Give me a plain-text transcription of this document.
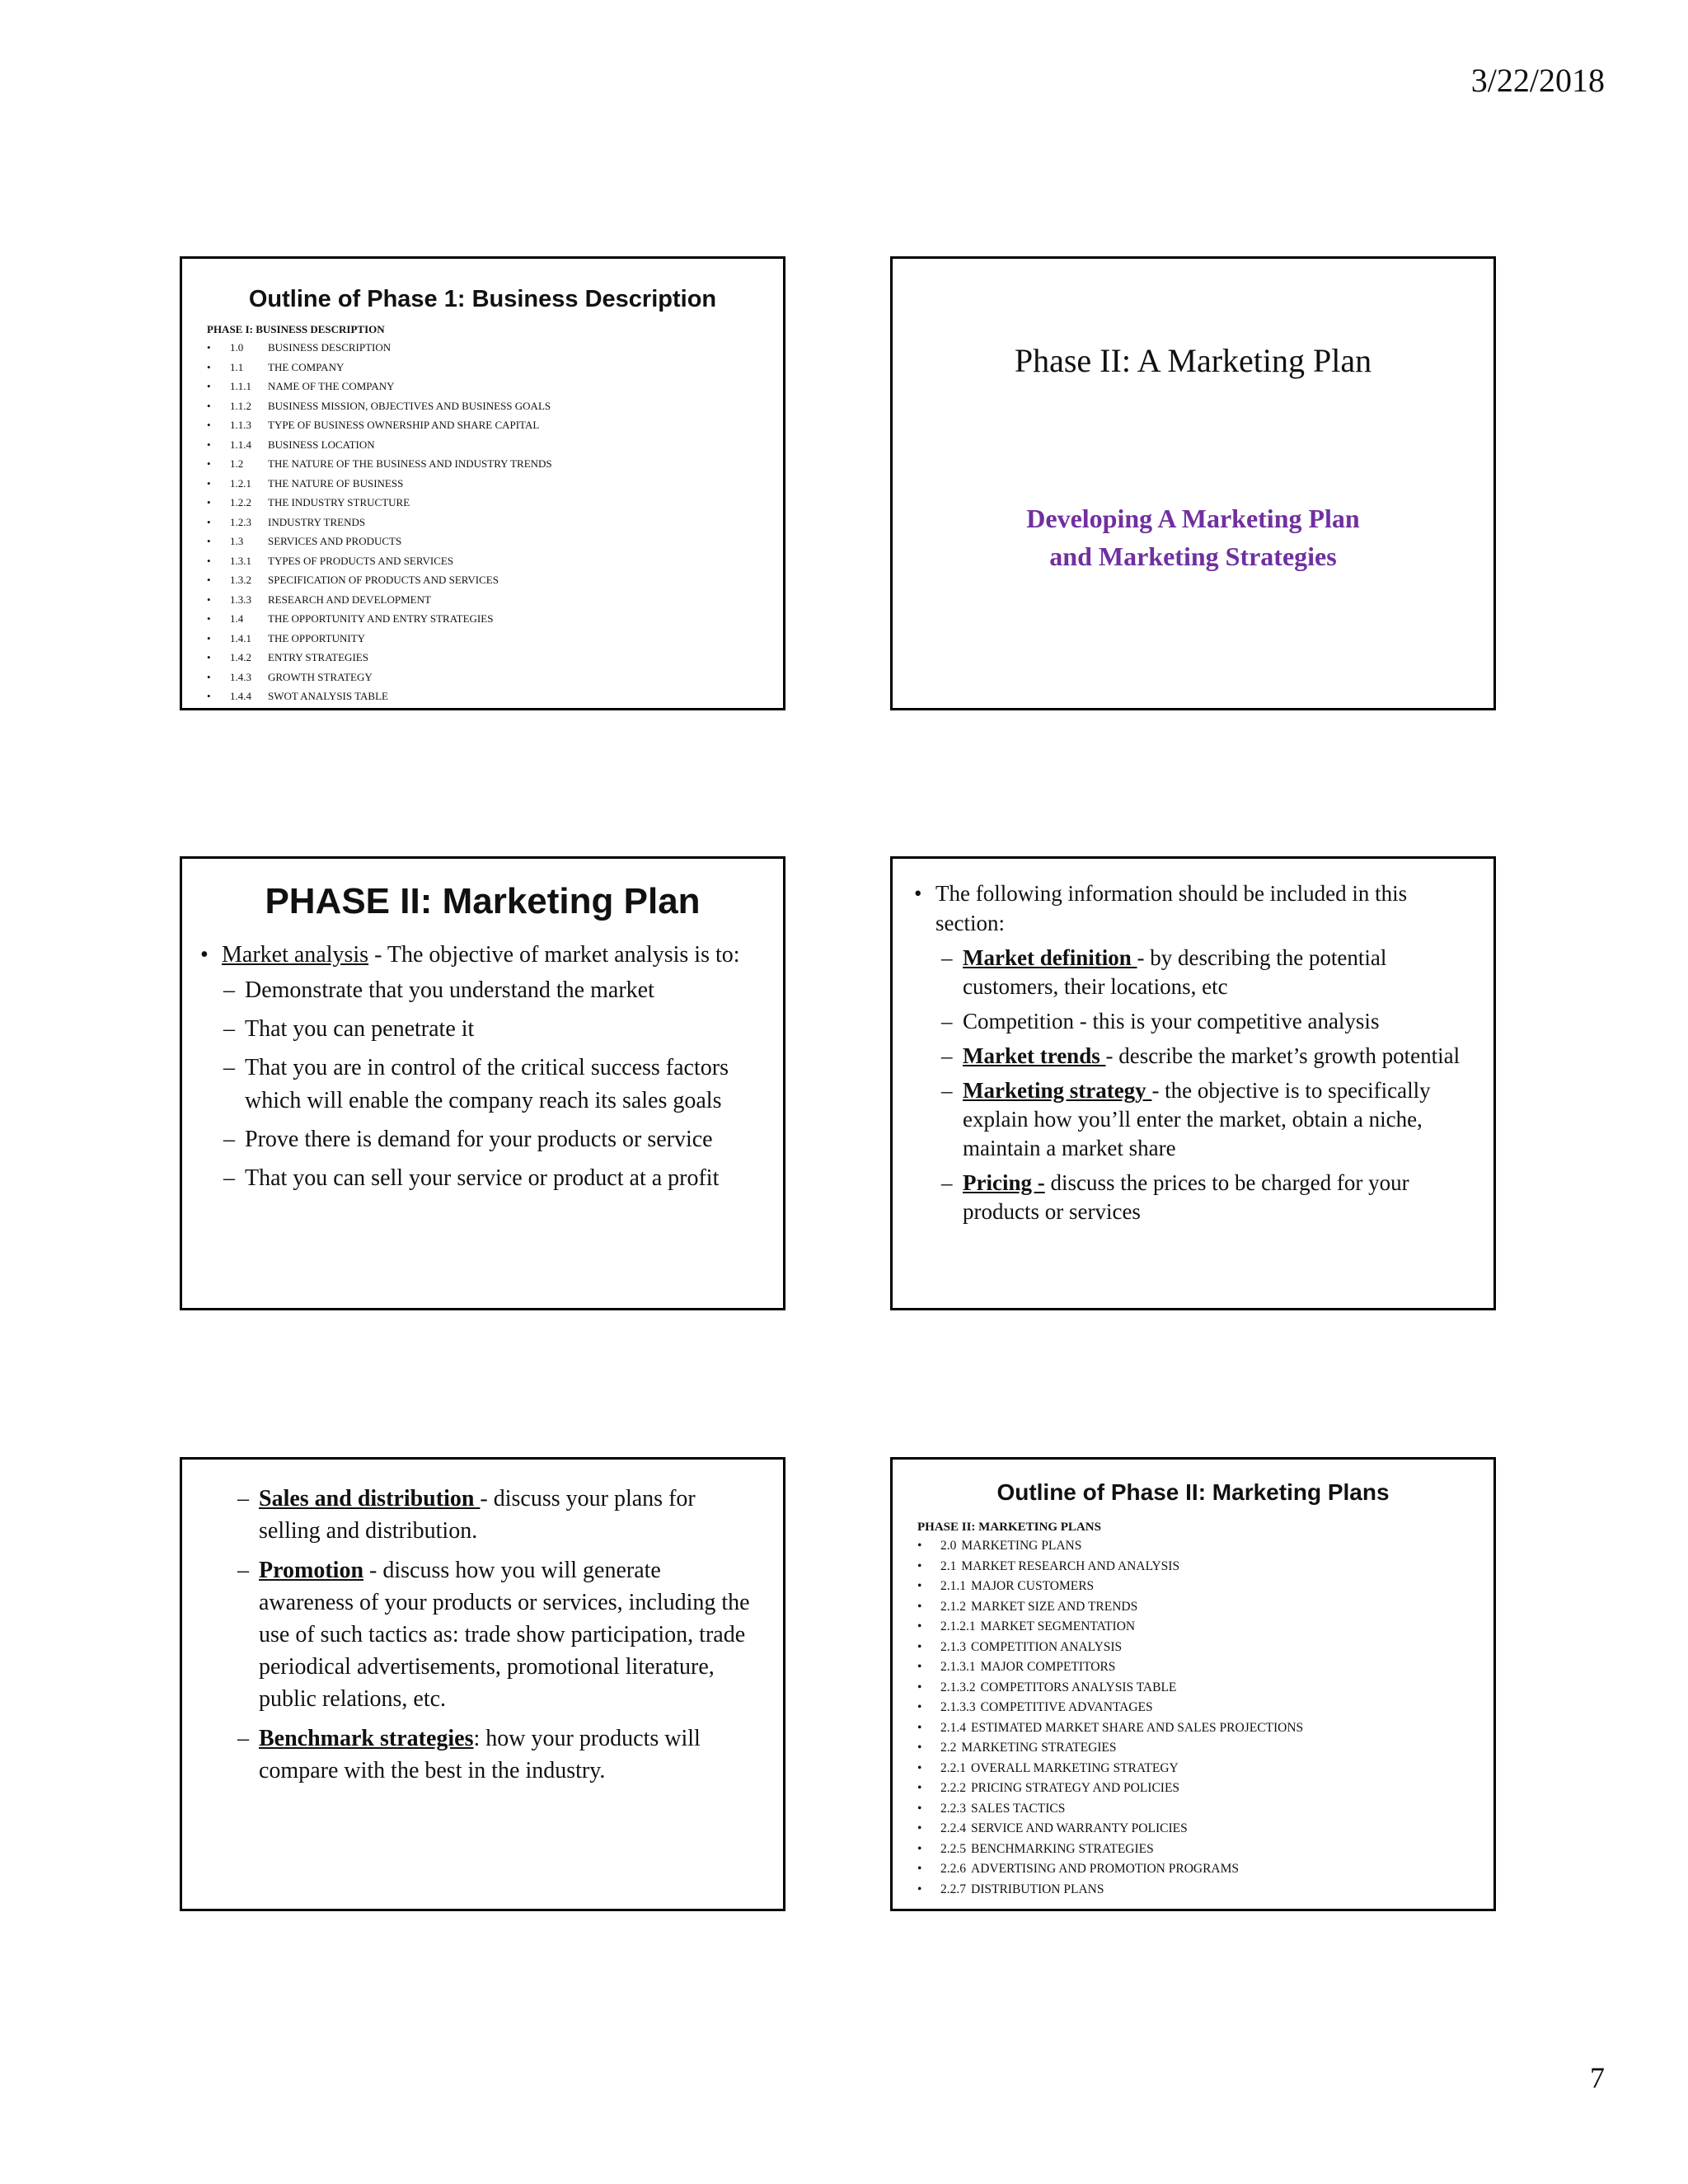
3/22/2018
Outline of Phase 1: Business Description
PHASE I: BUSINESS DESCRIPTION
• 1.0 BUSINESS DESCRIPTION
• 1.1 THE COMPANY
• 1.1.1 NAME OF THE COMPANY
• 1.1.2 BUSINESS MISSION, OBJECTIVES AND BUSINESS GOALS
• 1.1.3 TYPE OF BUSINESS OWNERSHIP AND SHARE CAPITAL
• 1.1.4 BUSINESS LOCATION
• 1.2 THE NATURE OF THE BUSINESS AND INDUSTRY TRENDS
• 1.2.1 THE NATURE OF BUSINESS
• 1.2.2 THE INDUSTRY STRUCTURE
• 1.2.3 INDUSTRY TRENDS
• 1.3 SERVICES AND PRODUCTS
• 1.3.1 TYPES OF PRODUCTS AND SERVICES
• 1.3.2 SPECIFICATION OF PRODUCTS AND SERVICES
• 1.3.3 RESEARCH AND DEVELOPMENT
• 1.4 THE OPPORTUNITY AND ENTRY STRATEGIES
• 1.4.1 THE OPPORTUNITY
• 1.4.2 ENTRY STRATEGIES
• 1.4.3 GROWTH STRATEGY
• 1.4.4 SWOT ANALYSIS TABLE
Phase II: A Marketing Plan
Developing A Marketing Plan
and Marketing Strategies
PHASE II: Marketing Plan
• Market analysis - The objective of market analysis is to:
– Demonstrate that you understand the market
– That you can penetrate it
– That you are in control of the critical success factors which will enable the company reach its sales goals
– Prove there is demand for your products or service
– That you can sell your service or product at a profit
• The following information should be included in this section:
– Market definition - by describing the potential customers, their locations, etc
– Competition - this is your competitive analysis
– Market trends - describe the market’s growth potential
– Marketing strategy - the objective is to specifically explain how you’ll enter the market, obtain a niche, maintain a market share
– Pricing - discuss the prices to be charged for your products or services
– Sales and distribution - discuss your plans for selling and distribution.
– Promotion - discuss how you will generate awareness of your products or services, including the use of such tactics as: trade show participation, trade periodical advertisements, promotional literature, public relations, etc.
– Benchmark strategies: how your products will compare with the best in the industry.
Outline of Phase II: Marketing Plans
PHASE II: MARKETING PLANS
• 2.0 MARKETING PLANS
• 2.1 MARKET RESEARCH AND ANALYSIS
• 2.1.1 MAJOR CUSTOMERS
• 2.1.2 MARKET SIZE AND TRENDS
• 2.1.2.1 MARKET SEGMENTATION
• 2.1.3 COMPETITION ANALYSIS
• 2.1.3.1 MAJOR COMPETITORS
• 2.1.3.2 COMPETITORS ANALYSIS TABLE
• 2.1.3.3 COMPETITIVE ADVANTAGES
• 2.1.4 ESTIMATED MARKET SHARE AND SALES PROJECTIONS
• 2.2 MARKETING STRATEGIES
• 2.2.1 OVERALL MARKETING STRATEGY
• 2.2.2 PRICING STRATEGY AND POLICIES
• 2.2.3 SALES TACTICS
• 2.2.4 SERVICE AND WARRANTY POLICIES
• 2.2.5 BENCHMARKING STRATEGIES
• 2.2.6 ADVERTISING AND PROMOTION PROGRAMS
• 2.2.7 DISTRIBUTION PLANS
7
